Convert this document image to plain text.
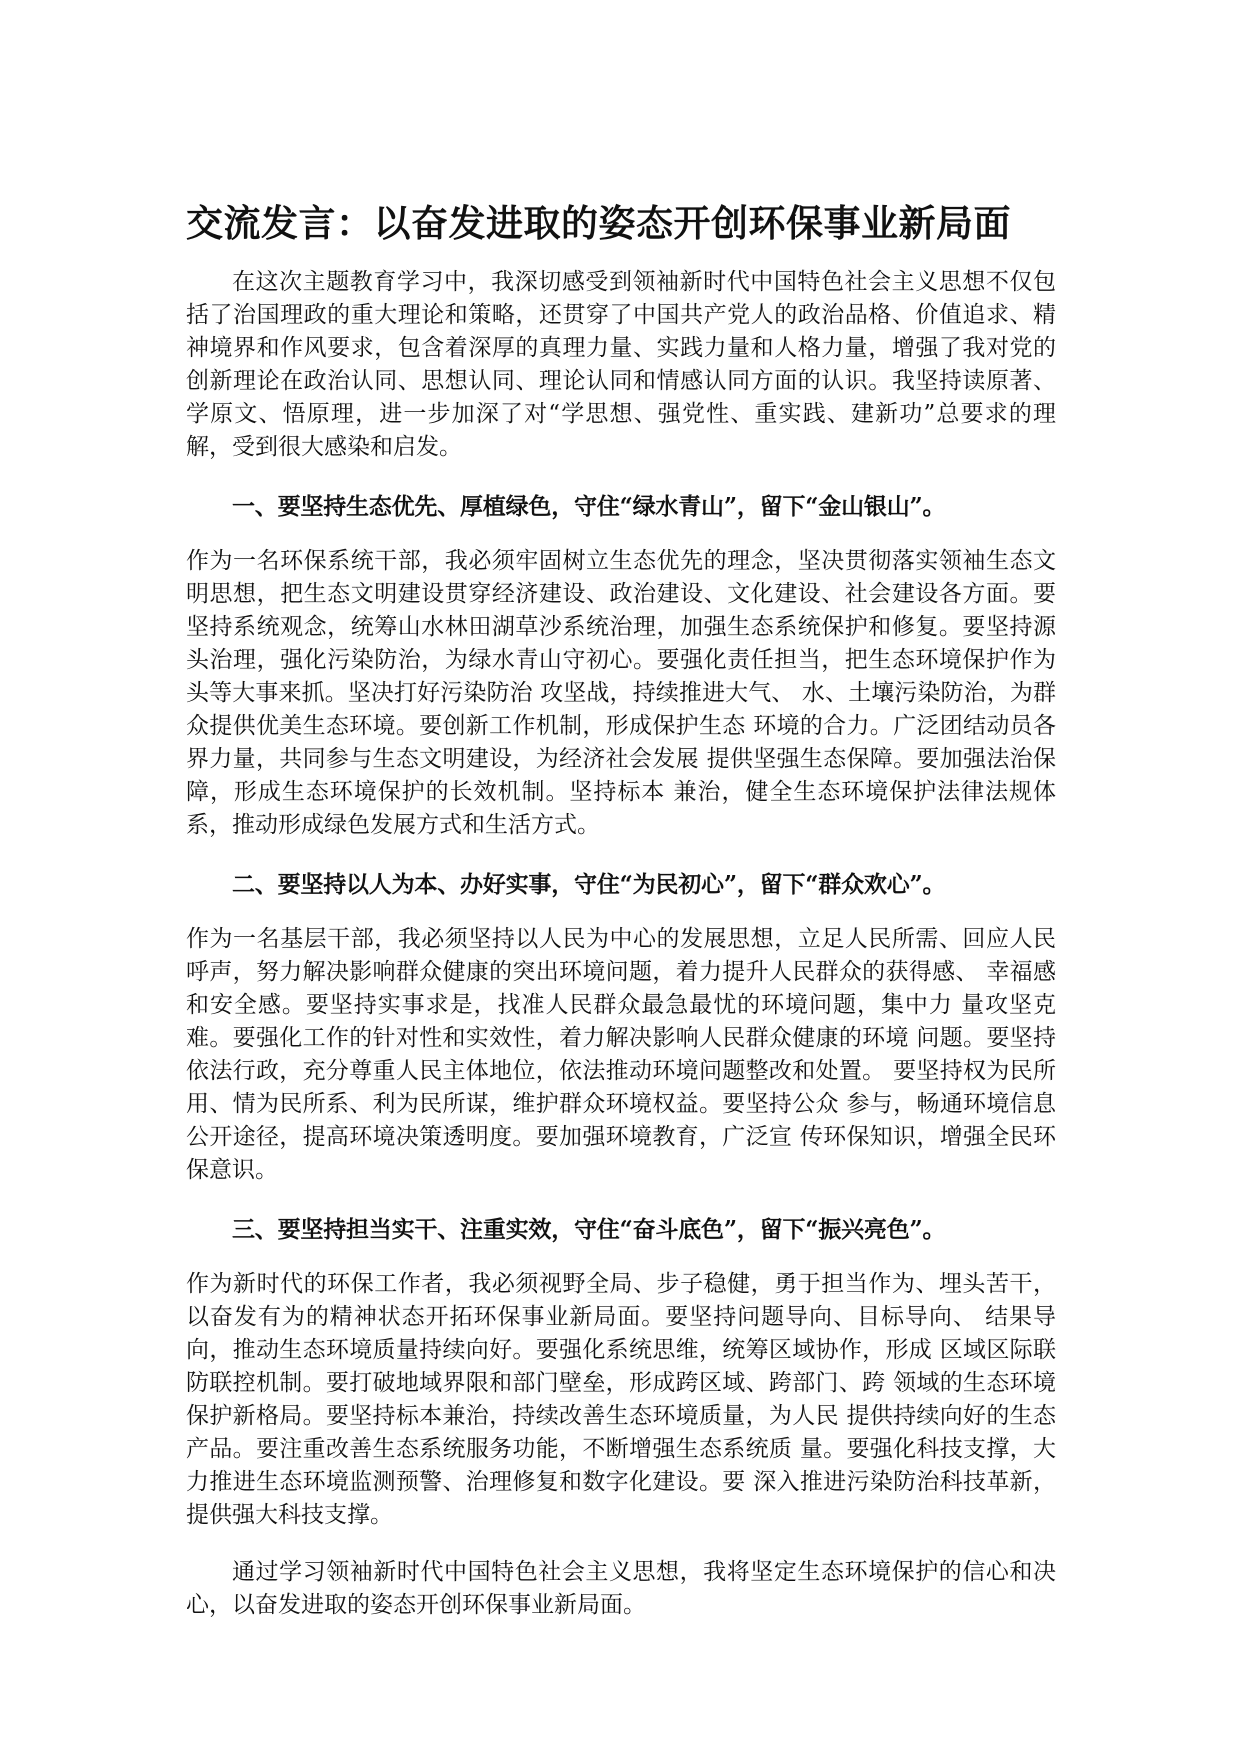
交流发言：以奋发进取的姿态开创环保事业新局面

在这次主题教育学习中，我深切感受到领袖新时代中国特色社会主义思想不仅包括了治国理政的重大理论和策略，还贯穿了中国共产党人的政治品格、价值追求、精神境界和作风要求，包含着深厚的真理力量、实践力量和人格力量，增强了我对党的创新理论在政治认同、思想认同、理论认同和情感认同方面的认识。我坚持读原著、学原文、悟原理，进一步加深了对“学思想、强党性、重实践、建新功”总要求的理解，受到很大感染和启发。

一、要坚持生态优先、厚植绿色，守住“绿水青山”，留下“金山银山”。

作为一名环保系统干部，我必须牢固树立生态优先的理念，坚决贯彻落实领袖生态文明思想，把生态文明建设贯穿经济建设、政治建设、文化建设、社会建设各方面。要坚持系统观念，统筹山水林田湖草沙系统治理，加强生态系统保护和修复。要坚持源头治理，强化污染防治，为绿水青山守初心。要强化责任担当，把生态环境保护作为头等大事来抓。坚决打好污染防治 攻坚战，持续推进大气、 水、土壤污染防治，为群众提供优美生态环境。要创新工作机制，形成保护生态 环境的合力。广泛团结动员各界力量，共同参与生态文明建设，为经济社会发展 提供坚强生态保障。要加强法治保障，形成生态环境保护的长效机制。坚持标本 兼治，健全生态环境保护法律法规体系，推动形成绿色发展方式和生活方式。

二、要坚持以人为本、办好实事，守住“为民初心”，留下“群众欢心”。

作为一名基层干部，我必须坚持以人民为中心的发展思想，立足人民所需、回应人民呼声，努力解决影响群众健康的突出环境问题，着力提升人民群众的获得感、 幸福感和安全感。要坚持实事求是，找准人民群众最急最忧的环境问题，集中力 量攻坚克难。要强化工作的针对性和实效性，着力解决影响人民群众健康的环境 问题。要坚持依法行政，充分尊重人民主体地位，依法推动环境问题整改和处置。 要坚持权为民所用、情为民所系、利为民所谋，维护群众环境权益。要坚持公众 参与，畅通环境信息公开途径，提高环境决策透明度。要加强环境教育，广泛宣 传环保知识，增强全民环保意识。

三、要坚持担当实干、注重实效，守住“奋斗底色”，留下“振兴亮色”。

作为新时代的环保工作者，我必须视野全局、步子稳健，勇于担当作为、埋头苦干，以奋发有为的精神状态开拓环保事业新局面。要坚持问题导向、目标导向、 结果导向，推动生态环境质量持续向好。要强化系统思维，统筹区域协作，形成 区域区际联防联控机制。要打破地域界限和部门壁垒，形成跨区域、跨部门、跨 领域的生态环境保护新格局。要坚持标本兼治，持续改善生态环境质量，为人民 提供持续向好的生态产品。要注重改善生态系统服务功能，不断增强生态系统质 量。要强化科技支撑，大力推进生态环境监测预警、治理修复和数字化建设。要 深入推进污染防治科技革新，提供强大科技支撑。

通过学习领袖新时代中国特色社会主义思想，我将坚定生态环境保护的信心和决心，以奋发进取的姿态开创环保事业新局面。
